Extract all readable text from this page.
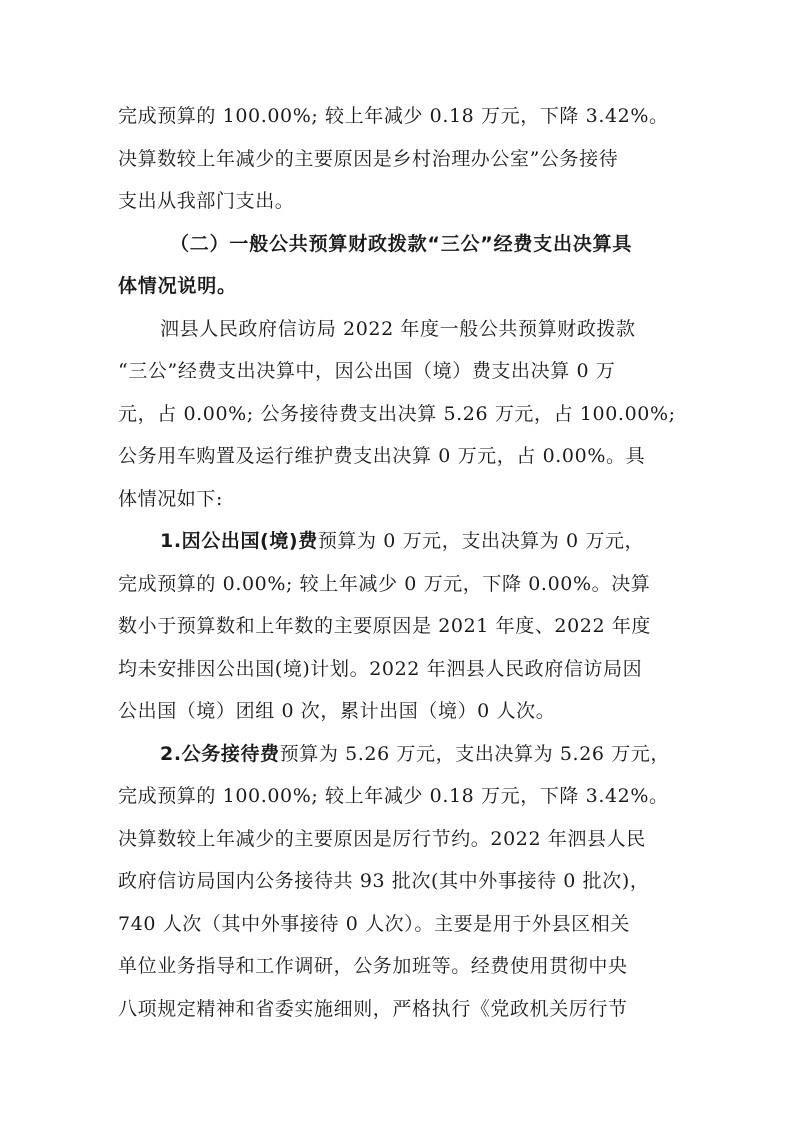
完成预算的 100.00%; 较上年减少 0.18 万元，下降 3.42%。
决算数较上年减少的主要原因是乡村治理办公室”公务接待
支出从我部门支出。
（二）一般公共预算财政拨款“三公”经费支出决算具
体情况说明。
泗县人民政府信访局 2022 年度一般公共预算财政拨款
“三公”经费支出决算中，因公出国（境）费支出决算 0 万
元，占 0.00%; 公务接待费支出决算 5.26 万元，占 100.00%;
公务用车购置及运行维护费支出决算 0 万元，占 0.00%。具
体情况如下:
1.因公出国(境)费预算为 0 万元，支出决算为 0 万元，
完成预算的 0.00%; 较上年减少 0 万元，下降 0.00%。决算
数小于预算数和上年数的主要原因是 2021 年度、2022 年度
均未安排因公出国(境)计划。2022 年泗县人民政府信访局因
公出国（境）团组 0 次，累计出国（境）0 人次。
2.公务接待费预算为 5.26 万元，支出决算为 5.26 万元，
完成预算的 100.00%; 较上年减少 0.18 万元，下降 3.42%。
决算数较上年减少的主要原因是厉行节约。2022 年泗县人民
政府信访局国内公务接待共 93 批次(其中外事接待 0 批次)，
740 人次（其中外事接待 0 人次）。主要是用于外县区相关
单位业务指导和工作调研，公务加班等。经费使用贯彻中央
八项规定精神和省委实施细则，严格执行《党政机关厉行节
